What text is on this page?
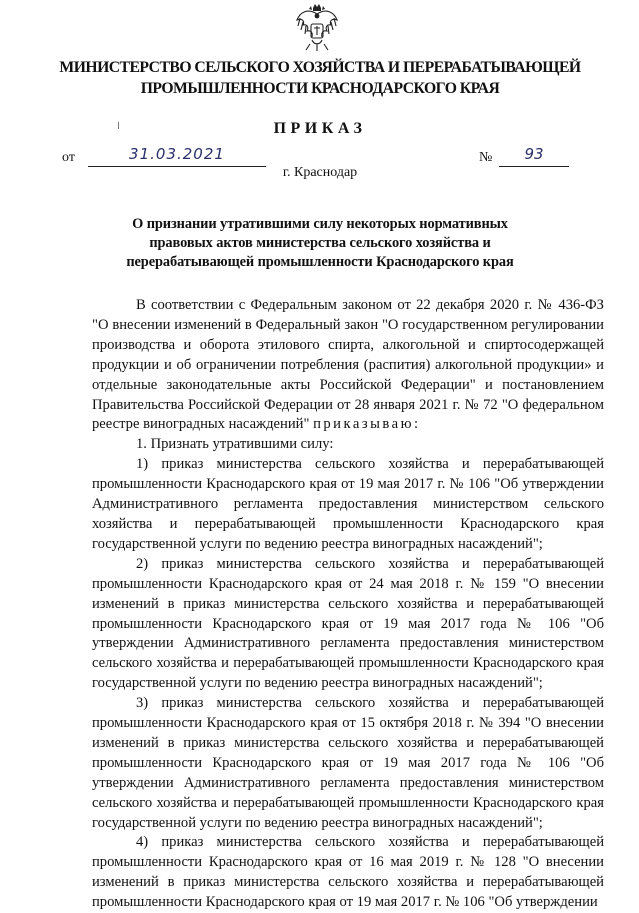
МИНИСТЕРСТВО СЕЛЬСКОГО ХОЗЯЙСТВА И ПЕРЕРАБАТЫВАЮЩЕЙ
ПРОМЫШЛЕННОСТИ КРАСНОДАРСКОГО КРАЯ
ПРИКАЗ
от	31.03.2021	№	93
г. Краснодар
О признании утратившими силу некоторых нормативных
правовых актов министерства сельского хозяйства и
перерабатывающей промышленности Краснодарского края

В соответствии с Федеральным законом от 22 декабря 2020 г. № 436-ФЗ "О внесении изменений в Федеральный закон "О государственном регулировании производства и оборота этилового спирта, алкогольной и спиртосодержащей продукции и об ограничении потребления (распития) алкогольной продукции» и отдельные законодательные акты Российской Федерации" и постановлением Правительства Российской Федерации от 28 января 2021 г. № 72 "О федеральном реестре виноградных насаждений" приказываю:

1. Признать утратившими силу:

1) приказ министерства сельского хозяйства и перерабатывающей промышленности Краснодарского края от 19 мая 2017 г. № 106 "Об утверждении Административного регламента предоставления министерством сельского хозяйства и перерабатывающей промышленности Краснодарского края государственной услуги по ведению реестра виноградных насаждений";

2) приказ министерства сельского хозяйства и перерабатывающей промышленности Краснодарского края от 24 мая 2018 г. № 159 "О внесении изменений в приказ министерства сельского хозяйства и перерабатывающей промышленности Краснодарского края от 19 мая 2017 года № 106 "Об утверждении Административного регламента предоставления министерством сельского хозяйства и перерабатывающей промышленности Краснодарского края государственной услуги по ведению реестра виноградных насаждений";

3) приказ министерства сельского хозяйства и перерабатывающей промышленности Краснодарского края от 15 октября 2018 г. № 394 "О внесении изменений в приказ министерства сельского хозяйства и перерабатывающей промышленности Краснодарского края от 19 мая 2017 года № 106 "Об утверждении Административного регламента предоставления министерством сельского хозяйства и перерабатывающей промышленности Краснодарского края государственной услуги по ведению реестра виноградных насаждений";

4) приказ министерства сельского хозяйства и перерабатывающей промышленности Краснодарского края от 16 мая 2019 г. № 128 "О внесении изменений в приказ министерства сельского хозяйства и перерабатывающей промышленности Краснодарского края от 19 мая 2017 г. № 106 "Об утверждении
